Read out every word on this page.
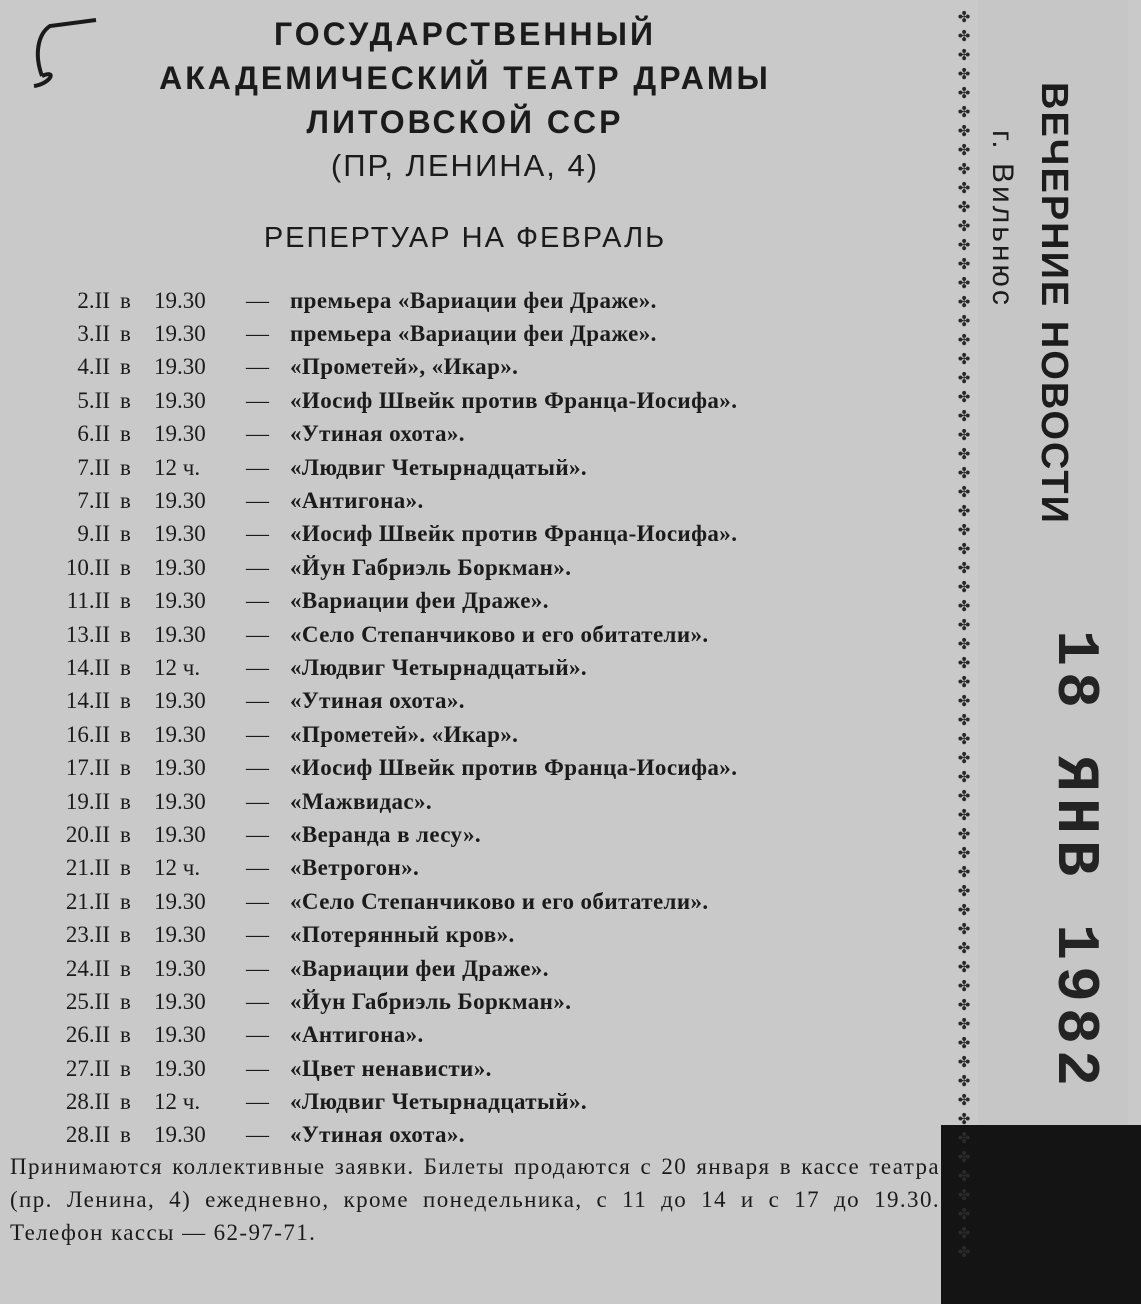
ГОСУДАРСТВЕННЫЙ

АКАДЕМИЧЕСКИЙ ТЕАТР ДРАМЫ

ЛИТОВСКОЙ ССР

(ПР, ЛЕНИНА, 4)
РЕПЕРТУАР НА ФЕВРАЛЬ
2.II в	19.30	— премьера «Вариации феи Драже».
3.II в	19.30	— премьера «Вариации феи Драже».
4.II в	19.30	— «Прометей», «Икар».
5.II в	19.30	— «Иосиф Швейк против Франца-Иосифа».
6.II в	19.30	— «Утиная охота».
7.II в	12 ч.	— «Людвиг Четырнадцатый».
7.II в	19.30	— «Антигона».
9.II в	19.30	— «Иосиф Швейк против Франца-Иосифа».
10.II в	19.30	— «Йун Габриэль Боркман».
11.II в	19.30	— «Вариации феи Драже».
13.II в	19.30	— «Село Степанчиково и его обитатели».
14.II в	12 ч.	— «Людвиг Четырнадцатый».
14.II в	19.30	— «Утиная охота».
16.II в	19.30	— «Прометей». «Икар».
17.II в	19.30	— «Иосиф Швейк против Франца-Иосифа».
19.II в	19.30	— «Мажвидас».
20.II в	19.30	— «Веранда в лесу».
21.II в	12 ч.	— «Ветрогон».
21.II в	19.30	— «Село Степанчиково и его обитатели».
23.II в	19.30	— «Потерянный кров».
24.II в	19.30	— «Вариации феи Драже».
25.II в	19.30	— «Йун Габриэль Боркман».
26.II в	19.30	— «Антигона».
27.II в	19.30	— «Цвет ненависти».
28.II в	12 ч.	— «Людвиг Четырнадцатый».
28.II в	19.30	— «Утиная охота».
Принимаются коллективные заявки. Билеты продаются с 20 января в кассе театра (пр. Ленина, 4) ежедневно, кроме понедельника, с 11 до 14 и с 17 до 19.30. Телефон кассы — 62-97-71.
✤
✤
✤
✤
✤
✤
✤
✤
✤
✤
✤
✤
✤
✤
✤
✤
✤
✤
✤
✤
✤
✤
✤
✤
✤
✤
✤
✤
✤
✤
✤
✤
✤
✤
✤
✤
✤
✤
✤
✤
✤
✤
✤
✤
✤
✤
✤
✤
✤
✤
✤
✤
✤
✤
✤
✤
✤
✤
✤
✤
✤
✤
✤
✤
✤
✤

ВЕЧЕРНИЕ НОВОСТИ
г. Вильнюс
18 ЯНВ 1982
